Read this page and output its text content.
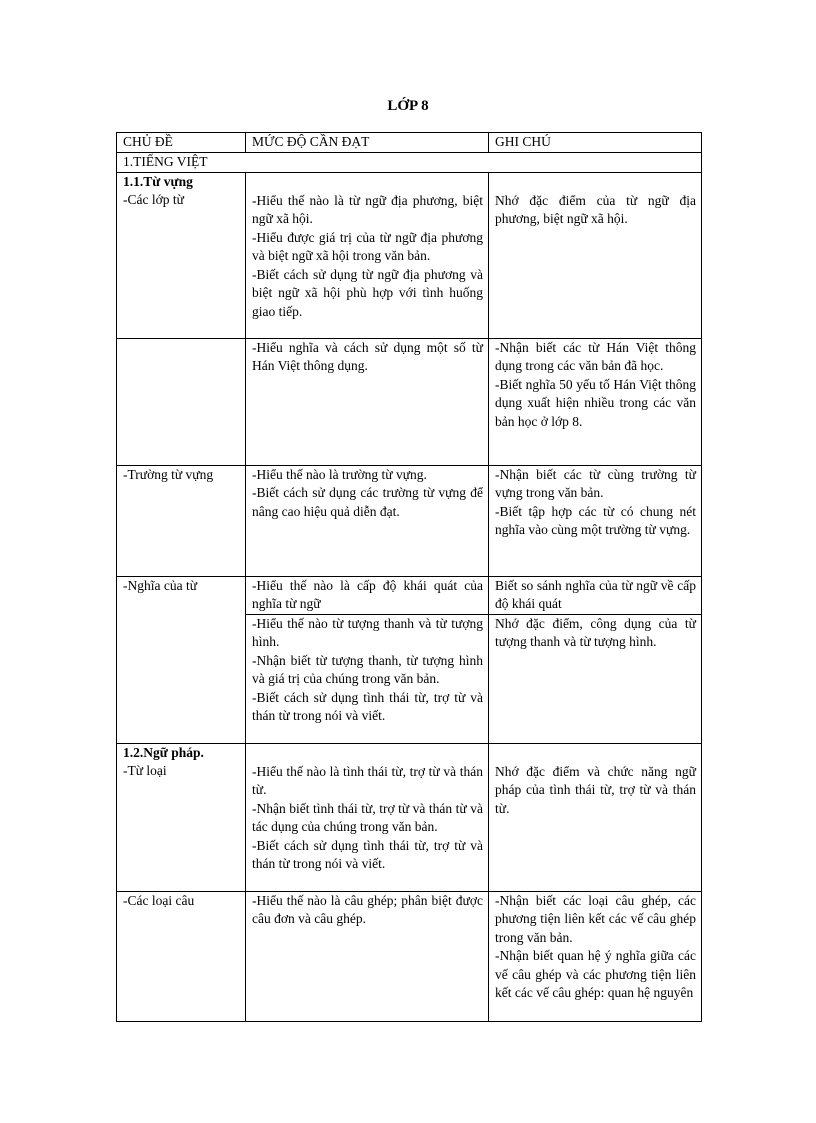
LỚP 8
CHỦ ĐỀ	MỨC ĐỘ CẦN ĐẠT	GHI CHÚ
1.TIẾNG VIỆT		

1.1.Từ vựng
-Các lớp từ	-Hiểu thế nào là từ ngữ địa phương, biệt ngữ xã hội.
-Hiểu được giá trị của từ ngữ địa phương và biệt ngữ xã hội trong văn bản.
-Biết cách sử dụng từ ngữ địa phương và biệt ngữ xã hội phù hợp với tình huống giao tiếp.	Nhớ đặc điểm của từ ngữ địa phương, biệt ngữ xã hội.
	-Hiểu nghĩa và cách sử dụng một số từ Hán Việt thông dụng.	-Nhận biết các từ Hán Việt thông dụng trong các văn bản đã học.
-Biết nghĩa 50 yếu tố Hán Việt thông dụng xuất hiện nhiều trong các văn bản học ở lớp 8.

-Trường từ vựng	-Hiểu thế nào là trường từ vựng.
-Biết cách sử dụng các trường từ vựng để nâng cao hiệu quả diễn đạt.	-Nhận biết các từ cùng trường từ vựng trong văn bản.
-Biết tập hợp các từ có chung nét nghĩa vào cùng một trường từ vựng.

-Nghĩa của từ	-Hiểu thế nào là cấp độ khái quát của nghĩa từ ngữ	Biết so sánh nghĩa của từ ngữ về cấp độ khái quát

	-Hiểu thế nào từ tượng thanh và từ tượng hình.
-Nhận biết từ tượng thanh, từ tượng hình và giá trị của chúng trong văn bản.
-Biết cách sử dụng tình thái từ, trợ từ và thán từ trong nói và viết.	Nhớ đặc điểm, công dụng của từ tượng thanh và từ tượng hình.

1.2.Ngữ pháp.
-Từ loại	-Hiểu thế nào là tình thái từ, trợ từ và thán từ.
-Nhận biết tình thái từ, trợ từ và thán từ và tác dụng của chúng trong văn bản.
-Biết cách sử dụng tình thái từ, trợ từ và thán từ trong nói và viết.	Nhớ đặc điểm và chức năng ngữ pháp của tình thái từ, trợ từ và thán từ.
-Các loại câu	-Hiểu thế nào là câu ghép; phân biệt được câu đơn và câu ghép.	-Nhận biết các loại câu ghép, các phương tiện liên kết các vế câu ghép trong văn bản.
-Nhận biết quan hệ ý nghĩa giữa các vế câu ghép và các phương tiện liên kết các vế câu ghép: quan hệ nguyên
